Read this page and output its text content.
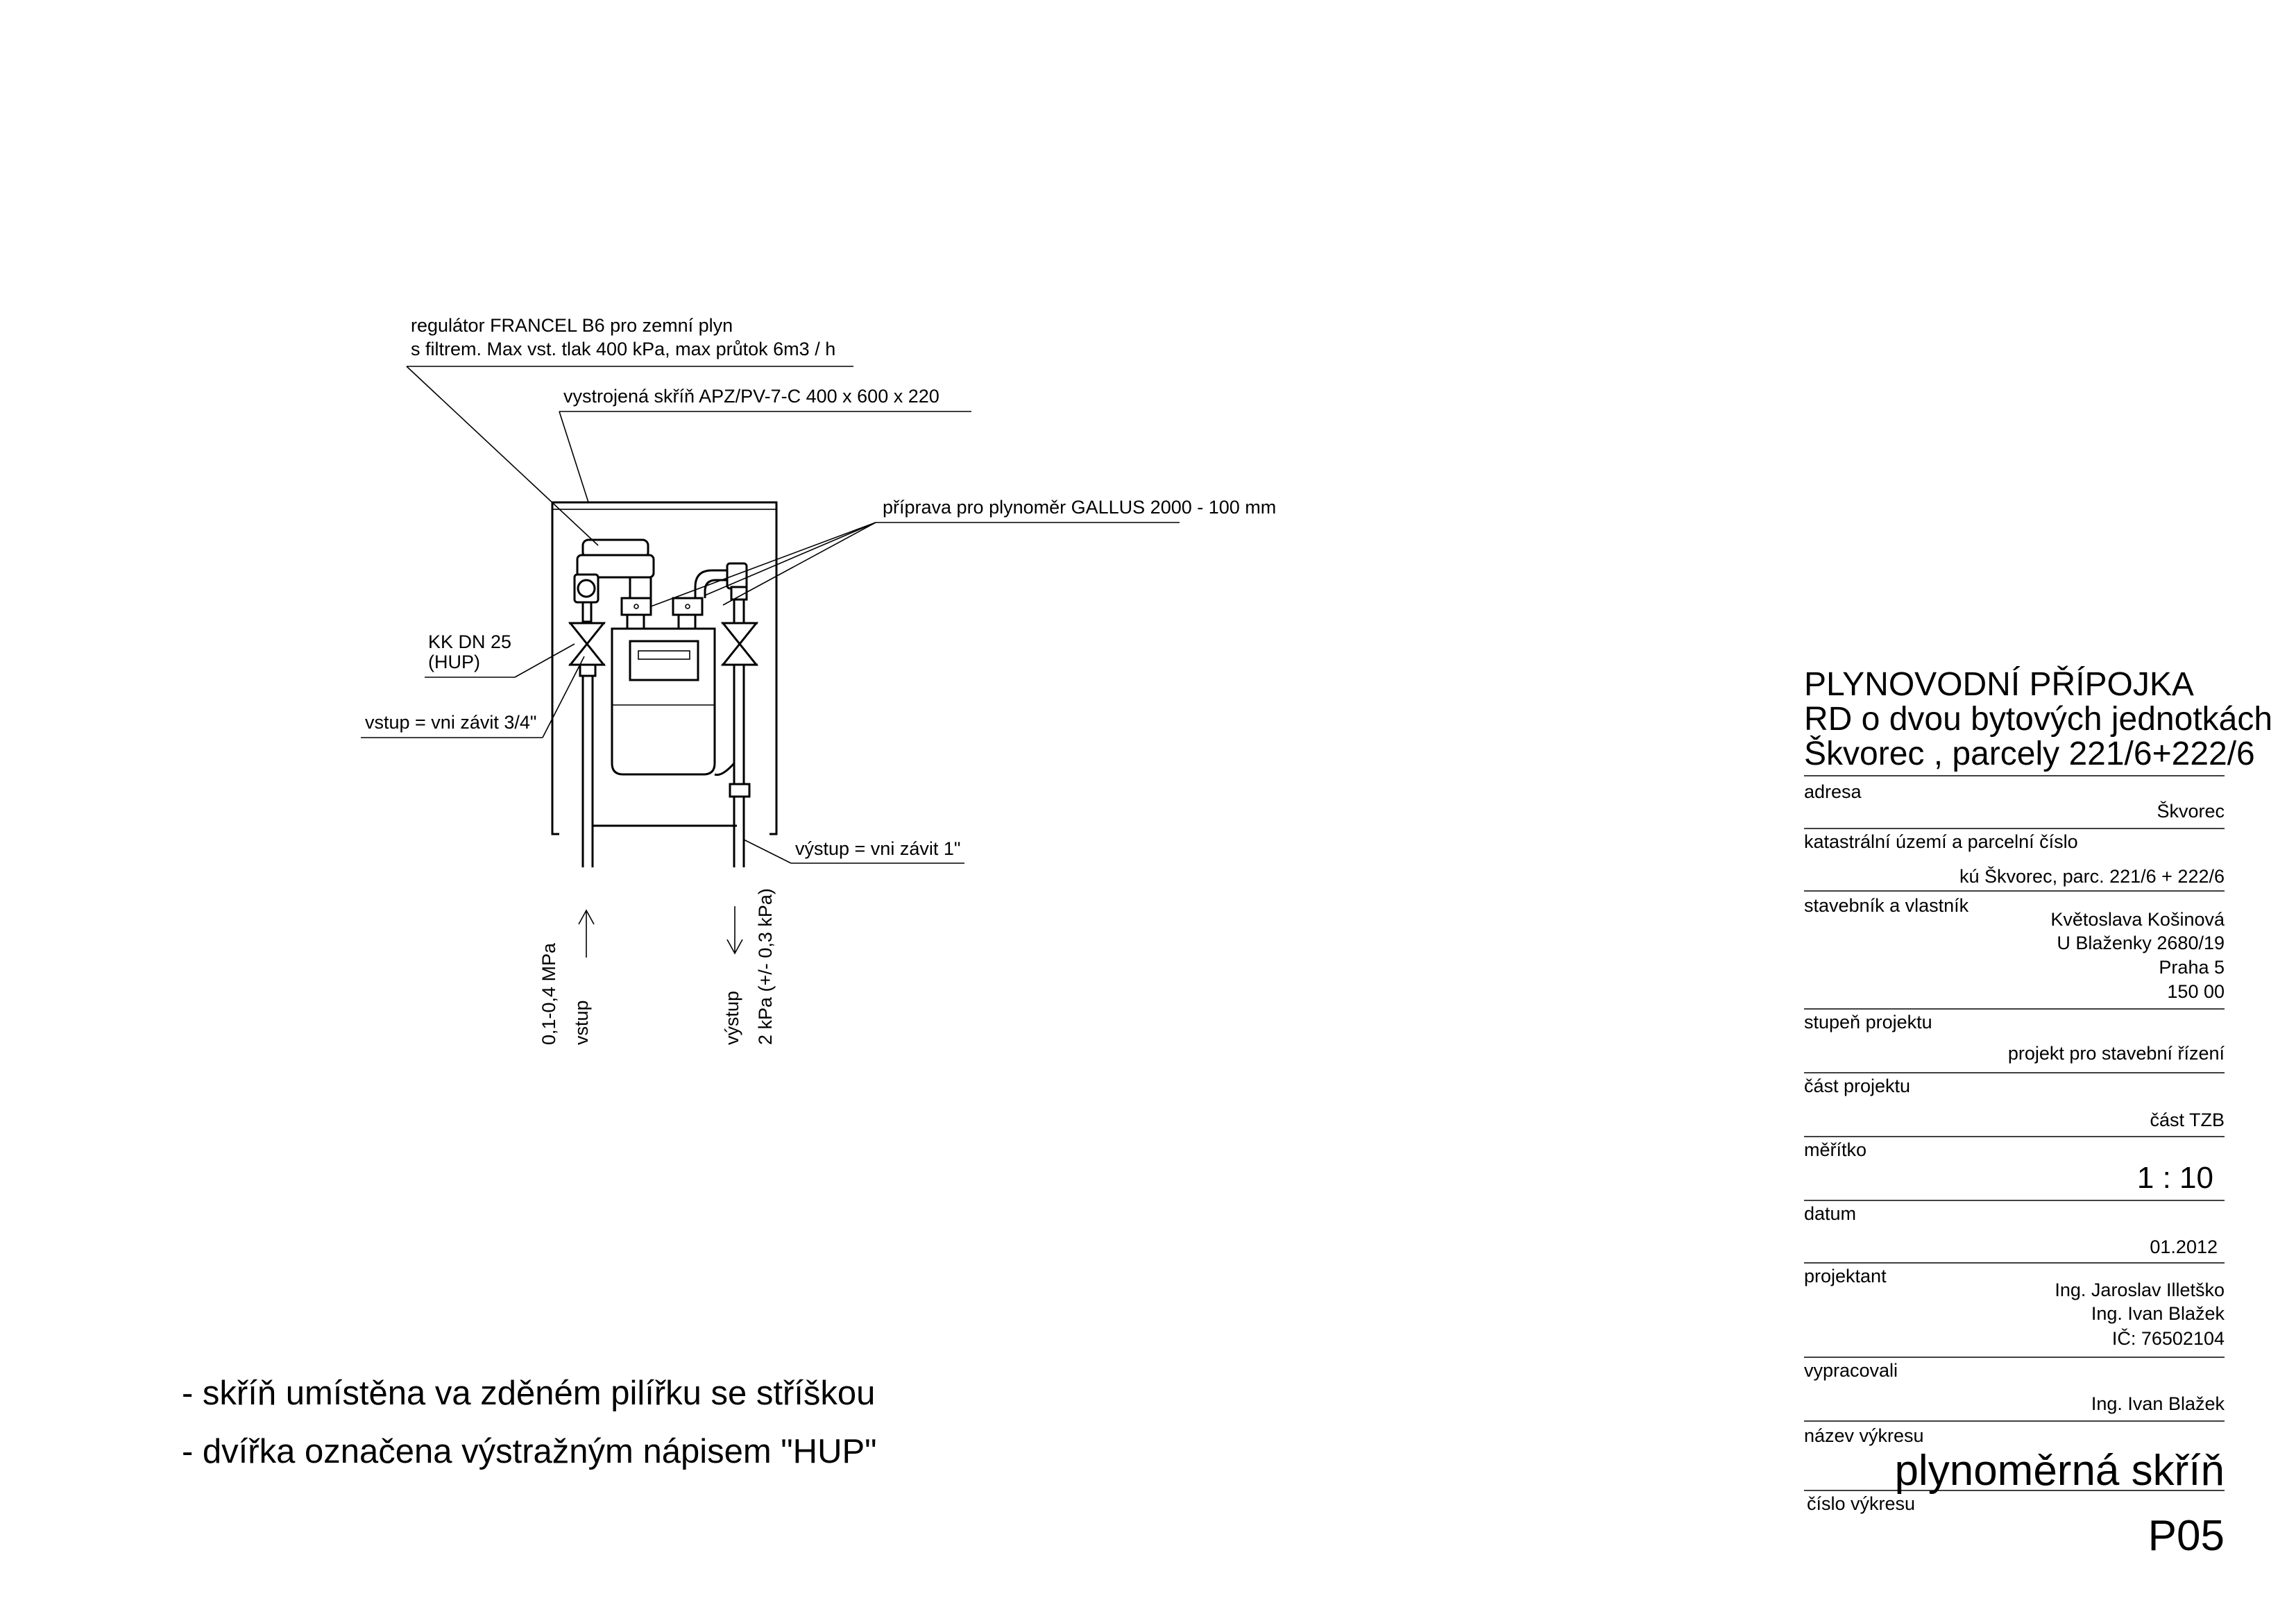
regulátor FRANCEL B6 pro zemní plyn
s filtrem. Max vst. tlak 400 kPa, max průtok 6m3 / h
vystrojená skříň APZ/PV-7-C 400 x 600 x 220
příprava pro plynoměr GALLUS 2000 - 100 mm
KK DN 25
(HUP)
vstup = vni závit 3/4"
výstup = vni závit 1"
0,1-0,4 MPa vstup	výstup 2 kPa (+/- 0,3 kPa)
PLYNOVODNÍ PŘÍPOJKA
RD o dvou bytových jednotkách
Škvorec , parcely 221/6+222/6
adresa
Škvorec
katastrální území a parcelní číslo
kú Škvorec, parc. 221/6 + 222/6
stavebník a vlastník
Květoslava Košinová
U Blaženky 2680/19
Praha 5
150 00
stupeň projektu
projekt pro stavební řízení
část projektu
část TZB
měřítko
1 : 10
datum
01.2012
projektant
Ing. Jaroslav Illetško
Ing. Ivan Blažek
IČ: 76502104
vypracovali
Ing. Ivan Blažek
název výkresu
plynoměrná skříň
číslo výkresu
P05
- skříň umístěna va zděném pilířku se stříškou
- dvířka označena výstražným nápisem "HUP"
